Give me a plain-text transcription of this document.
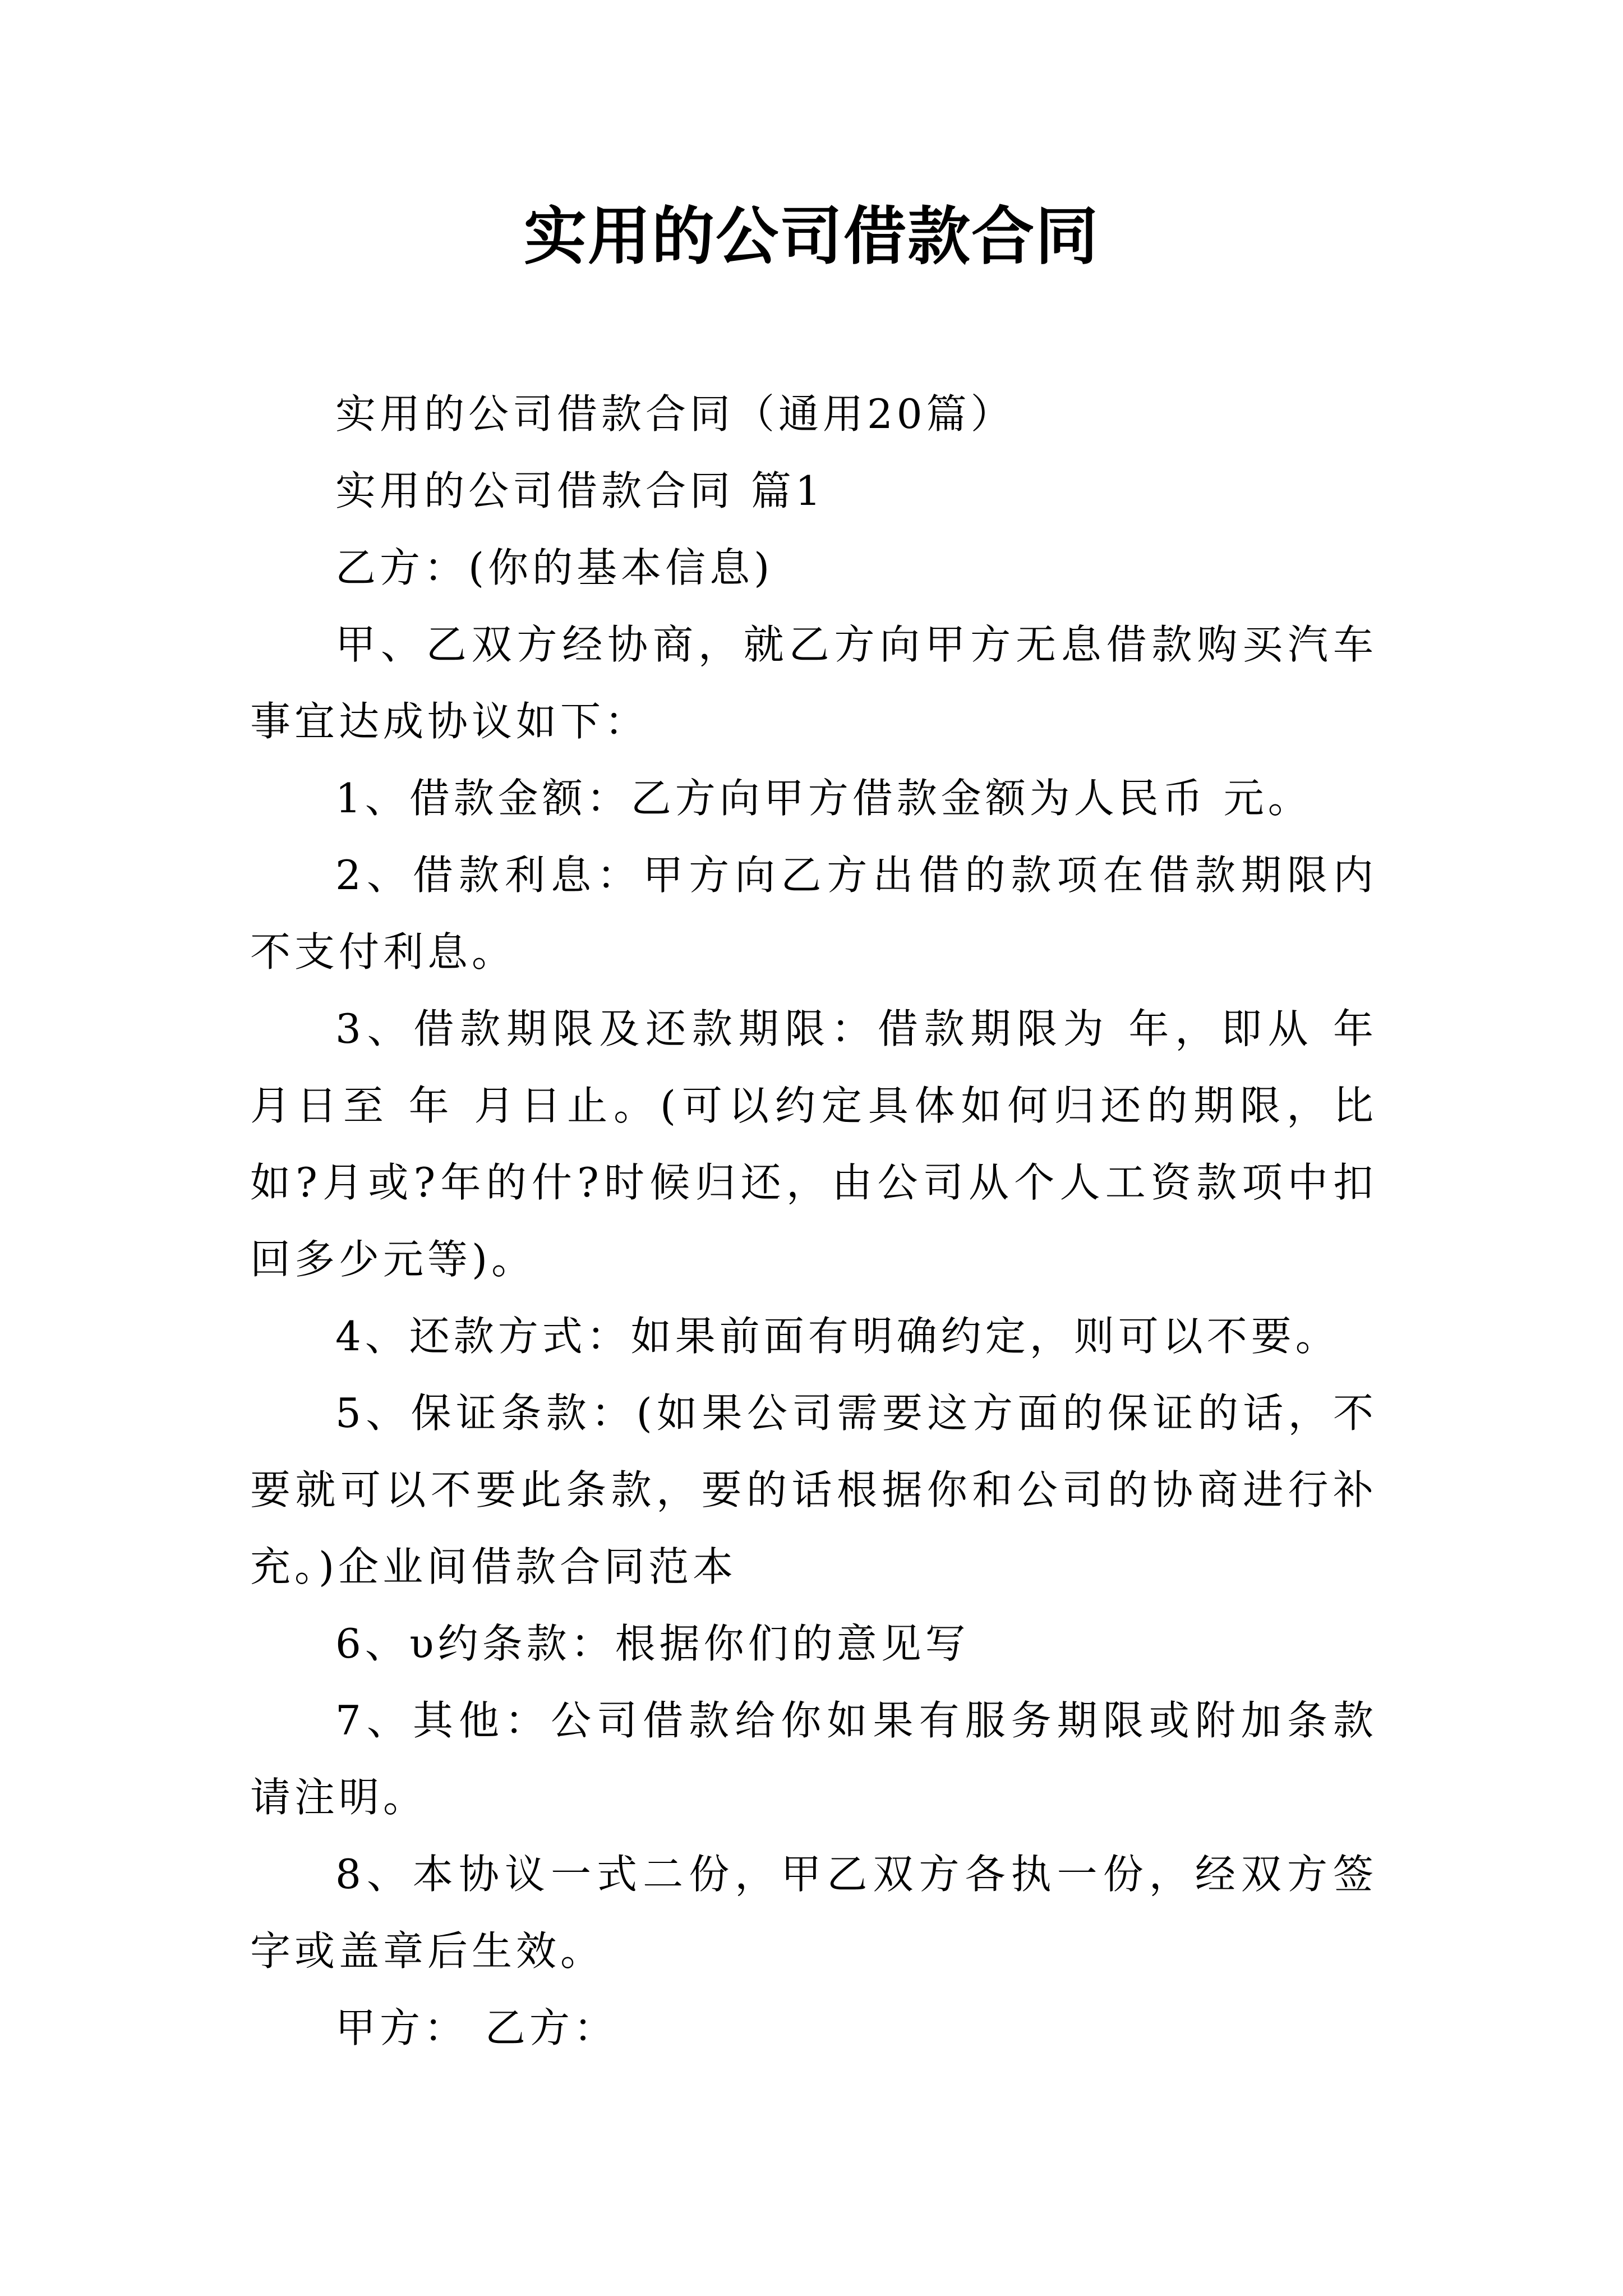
实用的公司借款合同

实用的公司借款合同（通用20篇）

实用的公司借款合同 篇1

乙方：(你的基本信息)

甲、乙双方经协商，就乙方向甲方无息借款购买汽车事宜达成协议如下：

1、借款金额：乙方向甲方借款金额为人民币 元。

2、借款利息：甲方向乙方出借的款项在借款期限内不支付利息。

3、借款期限及还款期限：借款期限为 年，即从 年 月日至 年 月日止。(可以约定具体如何归还的期限，比如?月或?年的什?时候归还，由公司从个人工资款项中扣回多少元等)。

4、还款方式：如果前面有明确约定，则可以不要。

5、保证条款：(如果公司需要这方面的保证的话，不要就可以不要此条款，要的话根据你和公司的协商进行补充。)企业间借款合同范本

6、υ约条款：根据你们的意见写

7、其他：公司借款给你如果有服务期限或附加条款请注明。

8、本协议一式二份，甲乙双方各执一份，经双方签字或盖章后生效。

甲方： 乙方：
